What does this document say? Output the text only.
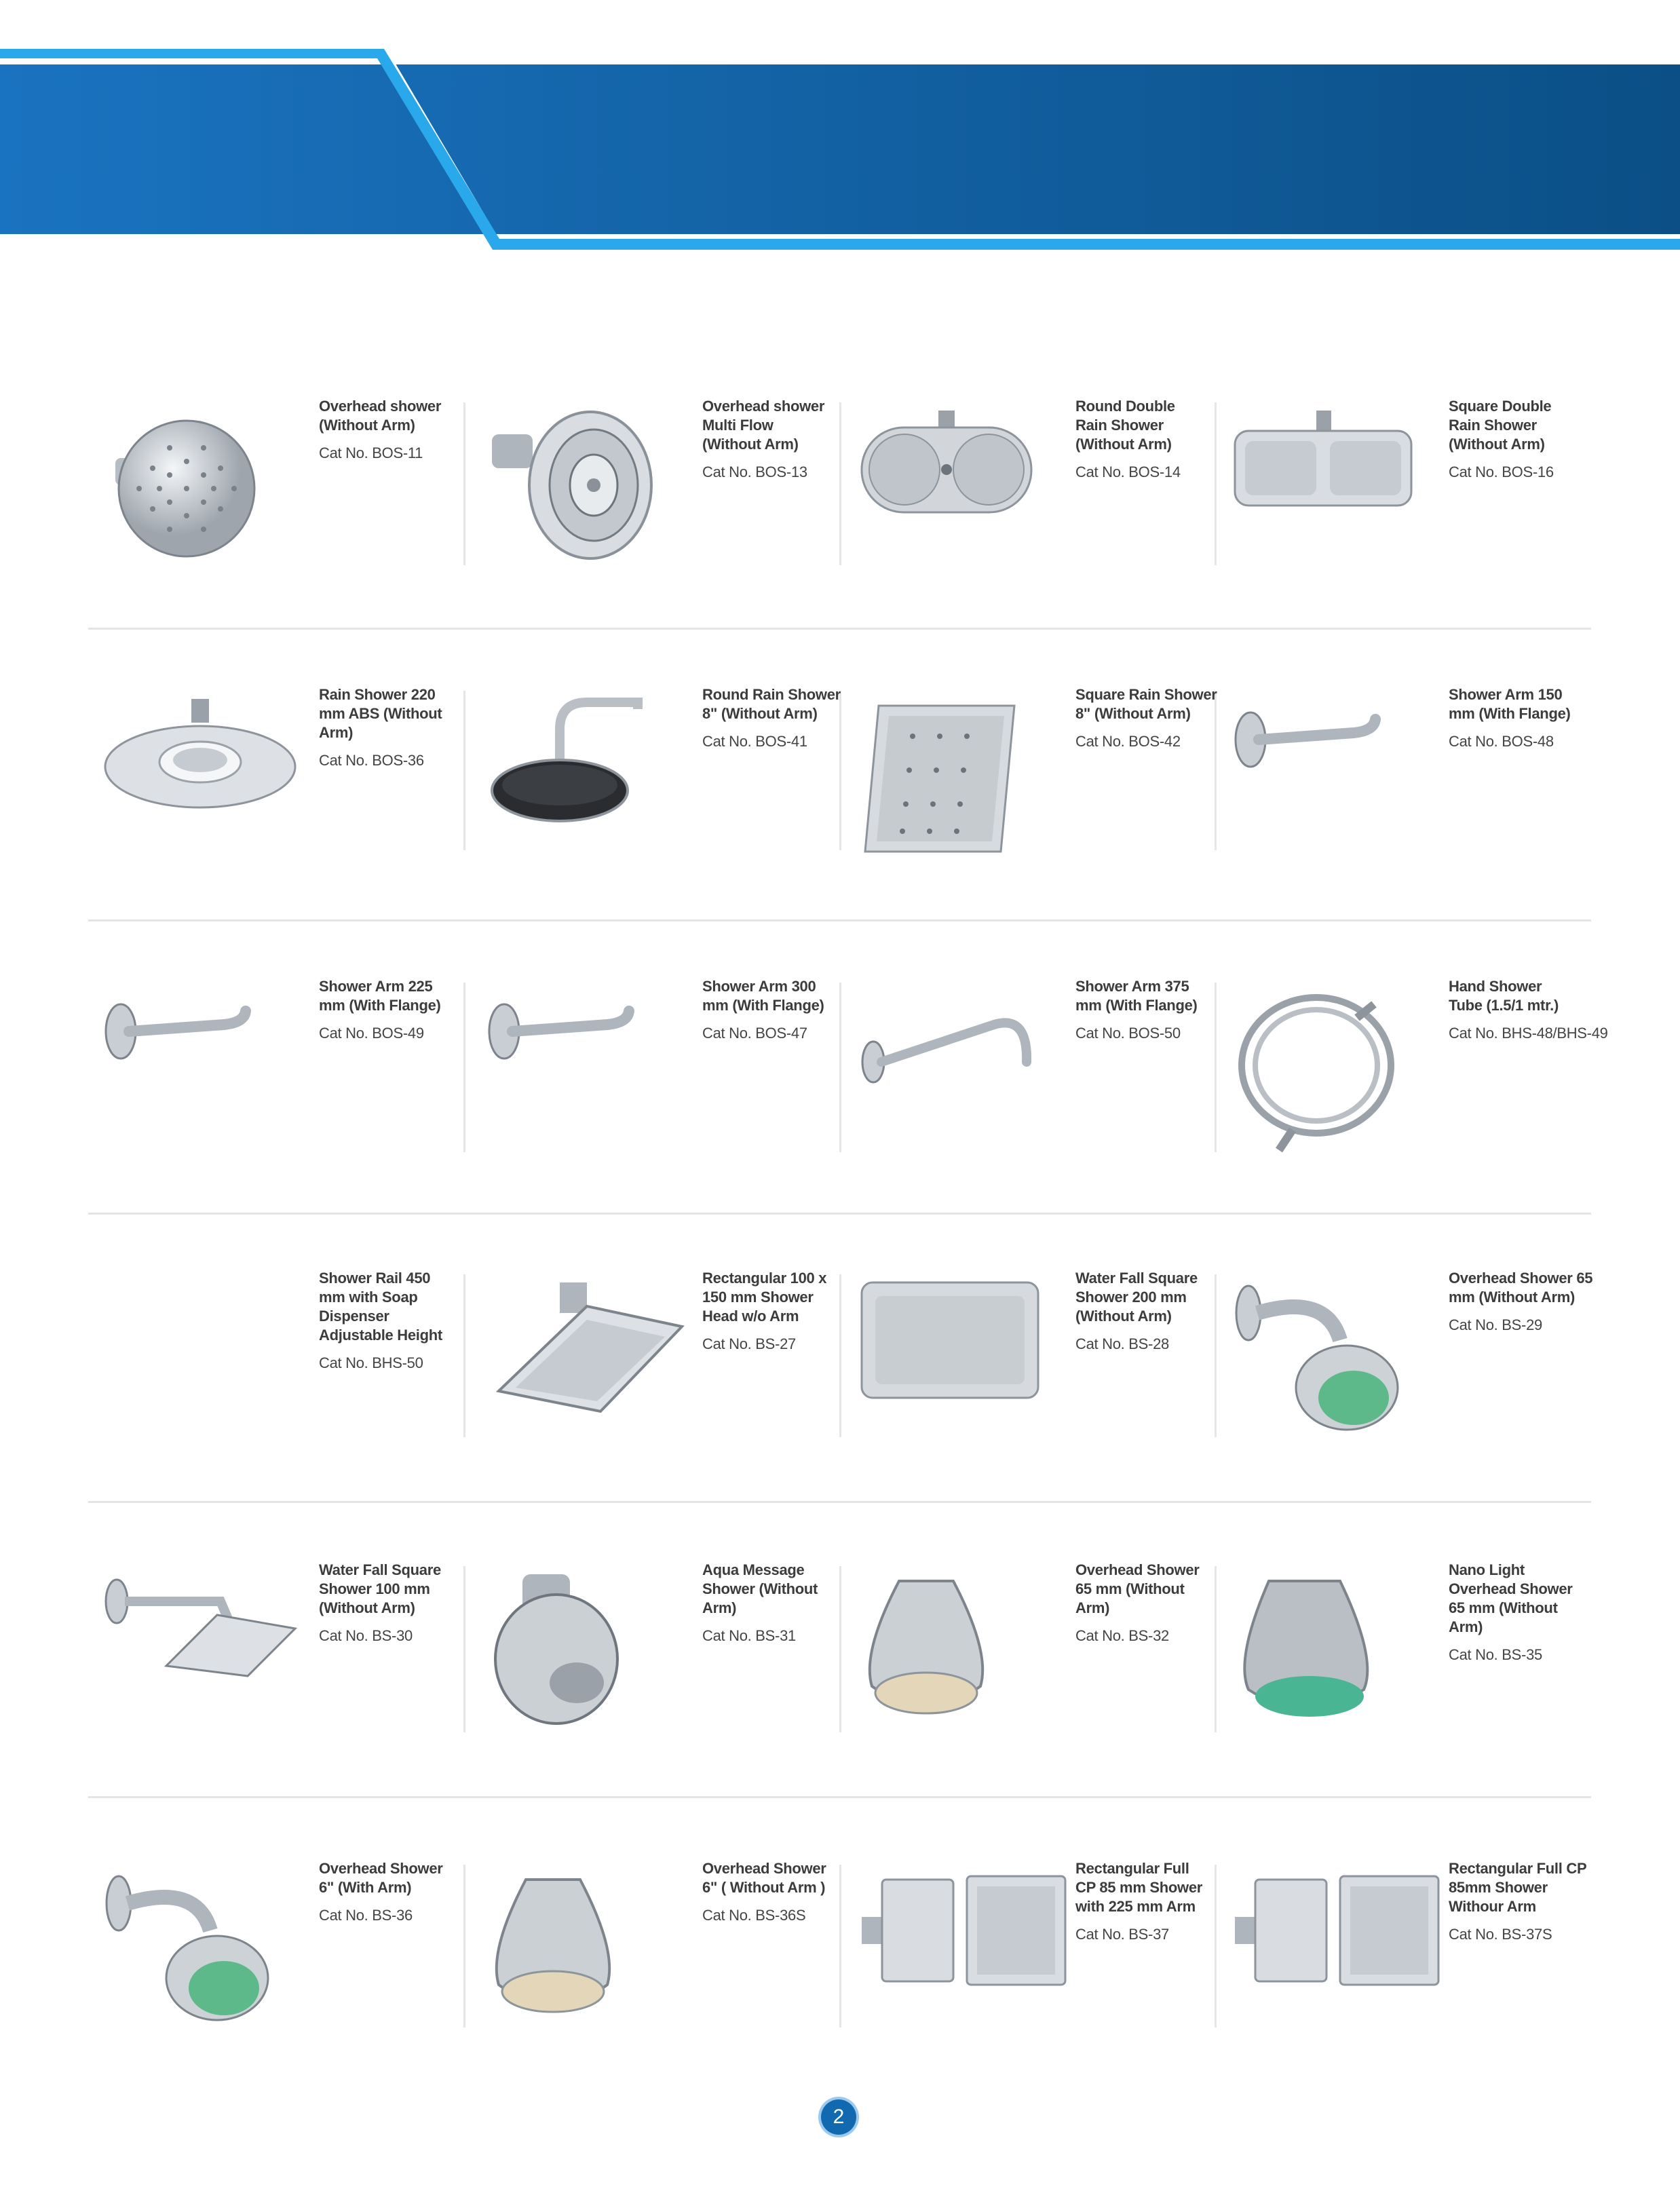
Overhead shower
(Without Arm)
Cat No. BOS-11
Overhead shower
Multi Flow
(Without Arm)
Cat No. BOS-13
Round Double
Rain Shower
(Without Arm)
Cat No. BOS-14
Square Double
Rain Shower
(Without Arm)
Cat No. BOS-16
Rain Shower 220
mm ABS (Without
Arm)
Cat No. BOS-36
Round Rain Shower
8" (Without Arm)
Cat No. BOS-41
Square Rain Shower
8" (Without Arm)
Cat No. BOS-42
Shower Arm 150
mm (With Flange)
Cat No. BOS-48
Shower Arm 225
mm (With Flange)
Cat No. BOS-49
Shower Arm 300
mm (With Flange)
Cat No. BOS-47
Shower Arm 375
mm (With Flange)
Cat No. BOS-50
Hand Shower
Tube (1.5/1 mtr.)
Cat No. BHS-48/BHS-49
Shower Rail 450
mm with Soap
Dispenser
Adjustable Height
Cat No. BHS-50
Rectangular 100 x
150 mm Shower
Head w/o Arm
Cat No. BS-27
Water Fall Square
Shower 200 mm
(Without Arm)
Cat No. BS-28
Overhead Shower 65
mm (Without Arm)
Cat No. BS-29
Water Fall Square
Shower 100 mm
(Without Arm)
Cat No. BS-30
Aqua Message
Shower (Without
Arm)
Cat No. BS-31
Overhead Shower
65 mm (Without
Arm)
Cat No. BS-32
Nano Light
Overhead Shower
65 mm (Without
Arm)
Cat No. BS-35
Overhead Shower
6" (With Arm)
Cat No. BS-36
Overhead Shower
6" ( Without Arm )
Cat No. BS-36S
Rectangular Full
CP 85 mm Shower
with 225 mm Arm
Cat No. BS-37
Rectangular Full CP
85mm Shower
Withour Arm
Cat No. BS-37S
2
